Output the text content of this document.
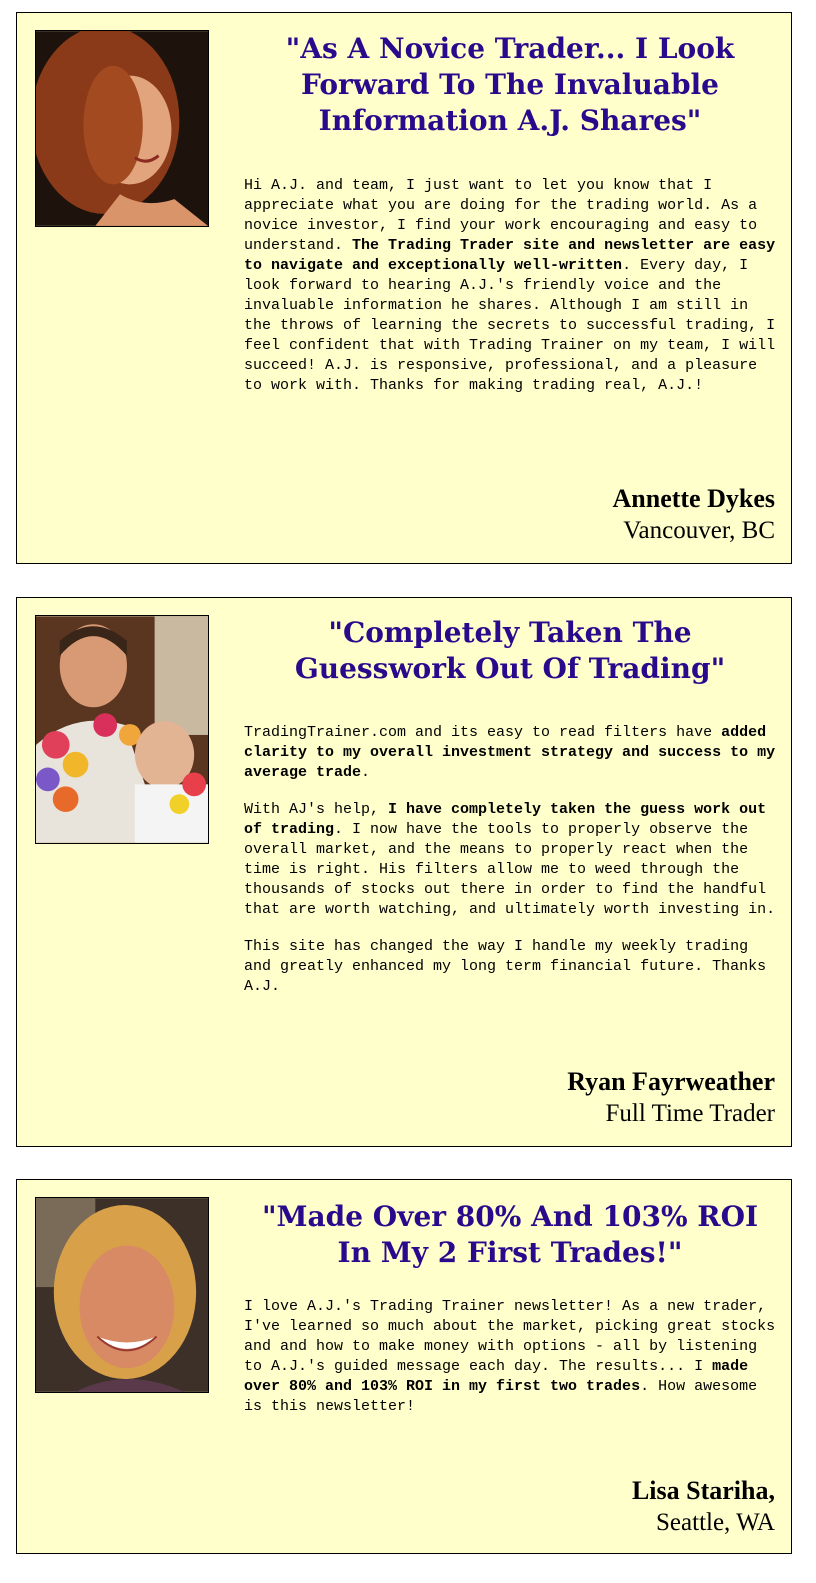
"As A Novice Trader... I Look Forward To The Invaluable Information A.J. Shares"

Hi A.J. and team, I just want to let you know that I appreciate what you are doing for the trading world. As a novice investor, I find your work encouraging and easy to understand. The Trading Trader site and newsletter are easy to navigate and exceptionally well-written. Every day, I look forward to hearing A.J.'s friendly voice and the invaluable information he shares. Although I am still in the throws of learning the secrets to successful trading, I feel confident that with Trading Trainer on my team, I will succeed! A.J. is responsive, professional, and a pleasure to work with. Thanks for making trading real, A.J.!

Annette Dykes
Vancouver, BC
"Completely Taken The Guesswork Out Of Trading"

TradingTrainer.com and its easy to read filters have added clarity to my overall investment strategy and success to my average trade.

With AJ's help, I have completely taken the guess work out of trading. I now have the tools to properly observe the overall market, and the means to properly react when the time is right. His filters allow me to weed through the thousands of stocks out there in order to find the handful that are worth watching, and ultimately worth investing in.

This site has changed the way I handle my weekly trading and greatly enhanced my long term financial future. Thanks A.J.

Ryan Fayrweather
Full Time Trader
"Made Over 80% And 103% ROI In My 2 First Trades!"

I love A.J.'s Trading Trainer newsletter! As a new trader, I've learned so much about the market, picking great stocks and and how to make money with options - all by listening to A.J.'s guided message each day. The results... I made over 80% and 103% ROI in my first two trades. How awesome is this newsletter!

Lisa Stariha,
Seattle, WA
